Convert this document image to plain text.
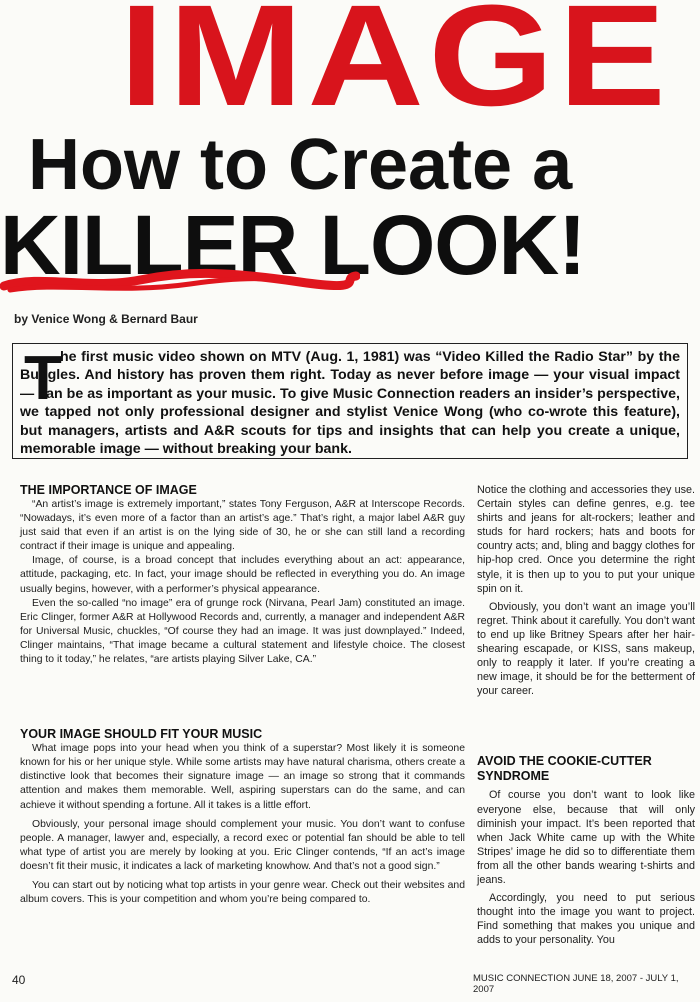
IMAGE
How to Create a
KILLER LOOK!
by Venice Wong & Bernard Baur
T

he first music video shown on MTV (Aug. 1, 1981) was “Video Killed the Radio Star” by the Buggles. And history has proven them right. Today as never before image — your visual impact — can be as important as your music. To give Music Connection readers an insider’s perspective, we tapped not only professional designer and stylist Venice Wong (who co-wrote this feature), but managers, artists and A&R scouts for tips and insights that can help you create a unique, memorable image — without breaking your bank.

THE IMPORTANCE OF IMAGE

“An artist’s image is extremely important,” states Tony Ferguson, A&R at Interscope Records. “Nowadays, it’s even more of a factor than an artist’s age.” That’s right, a major label A&R guy just said that even if an artist is on the lying side of 30, he or she can still land a recording contract if their image is unique and appealing.

Image, of course, is a broad concept that includes everything about an act: appearance, attitude, packaging, etc. In fact, your image should be reflected in everything you do. An image usually begins, however, with a performer’s physical appearance.

Even the so-called “no image” era of grunge rock (Nirvana, Pearl Jam) constituted an image. Eric Clinger, former A&R at Hollywood Records and, currently, a manager and independent A&R for Universal Music, chuckles, “Of course they had an image. It was just downplayed.” Indeed, Clinger maintains, “That image became a cultural statement and lifestyle choice. The closest thing to it today,” he relates, “are artists playing Silver Lake, CA.”

YOUR IMAGE SHOULD FIT YOUR MUSIC

What image pops into your head when you think of a superstar? Most likely it is someone known for his or her unique style. While some artists may have natural charisma, others create a distinctive look that becomes their signature image — an image so strong that it commands attention and makes them memorable. Well, aspiring superstars can do the same, and can achieve it without spending a fortune. All it takes is a little effort.

Obviously, your personal image should complement your music. You don’t want to confuse people. A manager, lawyer and, especially, a record exec or potential fan should be able to tell what type of artist you are merely by looking at you. Eric Clinger contends, “If an act’s image doesn’t fit their music, it indicates a lack of marketing knowhow. And that’s not a good sign.”

You can start out by noticing what top artists in your genre wear. Check out their websites and album covers. This is your competition and whom you’re being compared to.

Notice the clothing and accessories they use. Certain styles can define genres, e.g. tee shirts and jeans for alt-rockers; leather and studs for hard rockers; hats and boots for country acts; and, bling and baggy clothes for hip-hop cred. Once you determine the right style, it is then up to you to put your unique spin on it.

Obviously, you don’t want an image you’ll regret. Think about it carefully. You don’t want to end up like Britney Spears after her hair-shearing escapade, or KISS, sans makeup, only to reapply it later. If you’re creating a new image, it should be for the betterment of your career.

AVOID THE COOKIE-CUTTER SYNDROME

Of course you don’t want to look like everyone else, because that will only diminish your impact. It’s been reported that when Jack White came up with the White Stripes’ image he did so to differentiate them from all the other bands wearing t-shirts and jeans.

Accordingly, you need to put serious thought into the image you want to project. Find something that makes you unique and adds to your personality. You

40	MUSIC CONNECTION JUNE 18, 2007 - JULY 1, 2007
